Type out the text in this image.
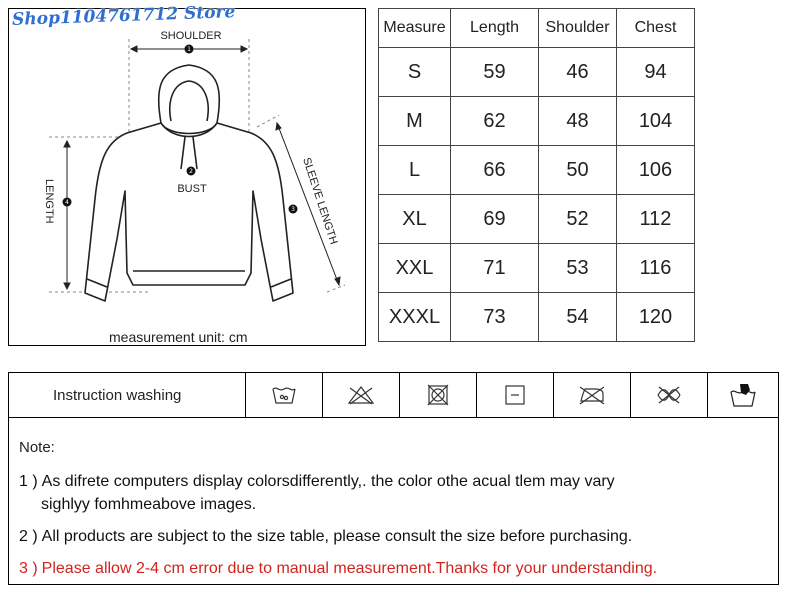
1
2
3
4
SHOULDER
BUST
LENGTH	SLEEVE LENGTH
measurement unit: cm
Shop1104761712 Store	Measure	Length	Shoulder	Chest
S	59	46	94
M	62	48	104
L	66	50	106
XL	69	52	112
XXL	71	53	116
XXXL	73	54	120
Instruction washing

Note:

1 ) As difrete computers display colorsdifferently,. the color othe acual tlem may vary
sighlyy fomhmeabove images.

2 ) All products are subject to the size table, please consult the size before purchasing.

3 ) Please allow 2-4 cm error due to manual measurement.Thanks for your understanding.
